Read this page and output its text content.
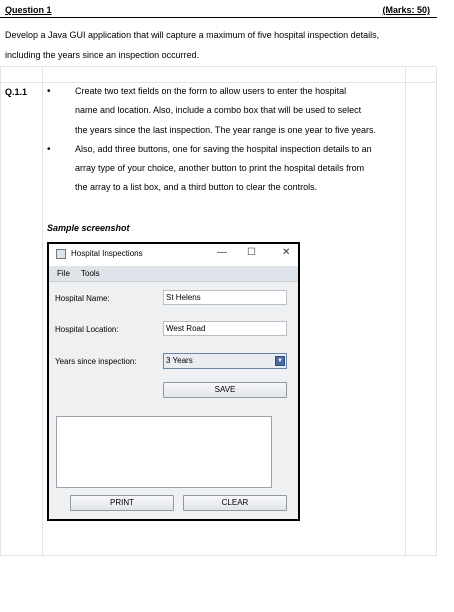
Question 1	(Marks: 50)
Develop a Java GUI application that will capture a maximum of five hospital inspection details,
including the years since an inspection occurred.
Q.1.1 •	Create two text fields on the form to allow users to enter the hospital
name and location. Also, include a combo box that will be used to select
the years since the last inspection. The year range is one year to five years.
•	Also, add three buttons, one for saving the hospital inspection details to an
array type of your choice, another button to print the hospital details from
the array to a list box, and a third button to clear the controls.
Sample screenshot
Hospital Inspections	— ☐	✕
File Tools
Hospital Name:	St Helens
Hospital Location:	West Road
Years since inspection:	3 Years	▼
SAVE
PRINT	CLEAR
